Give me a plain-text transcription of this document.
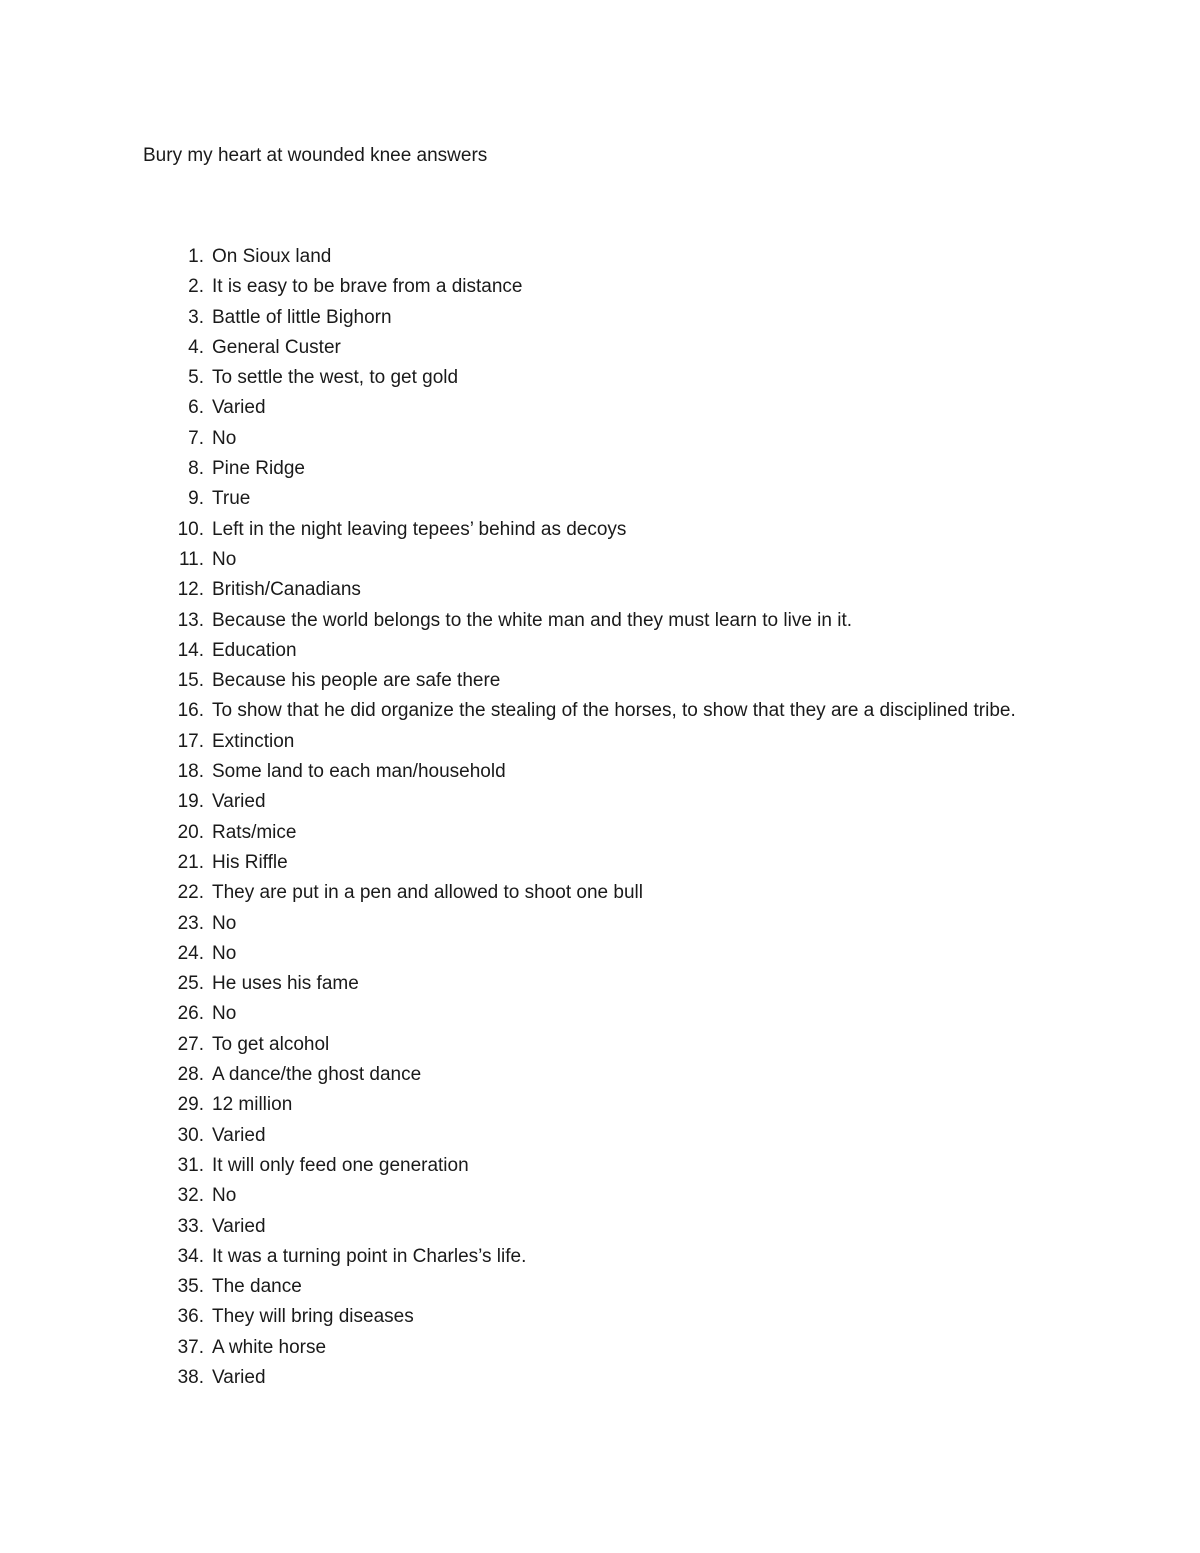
Bury my heart at wounded knee answers
1. On Sioux land
2. It is easy to be brave from a distance
3. Battle of little Bighorn
4. General Custer
5. To settle the west, to get gold
6. Varied
7. No
8. Pine Ridge
9. True
10. Left in the night leaving tepees’ behind as decoys
11. No
12. British/Canadians
13. Because the world belongs to the white man and they must learn to live in it.
14. Education
15. Because his people are safe there
16. To show that he did organize the stealing of the horses, to show that they are a disciplined tribe.
17. Extinction
18. Some land to each man/household
19. Varied
20. Rats/mice
21. His Riffle
22. They are put in a pen and allowed to shoot one bull
23. No
24. No
25. He uses his fame
26. No
27. To get alcohol
28. A dance/the ghost dance
29. 12 million
30. Varied
31. It will only feed one generation
32. No
33. Varied
34. It was a turning point in Charles’s life.
35. The dance
36. They will bring diseases
37. A white horse
38. Varied
